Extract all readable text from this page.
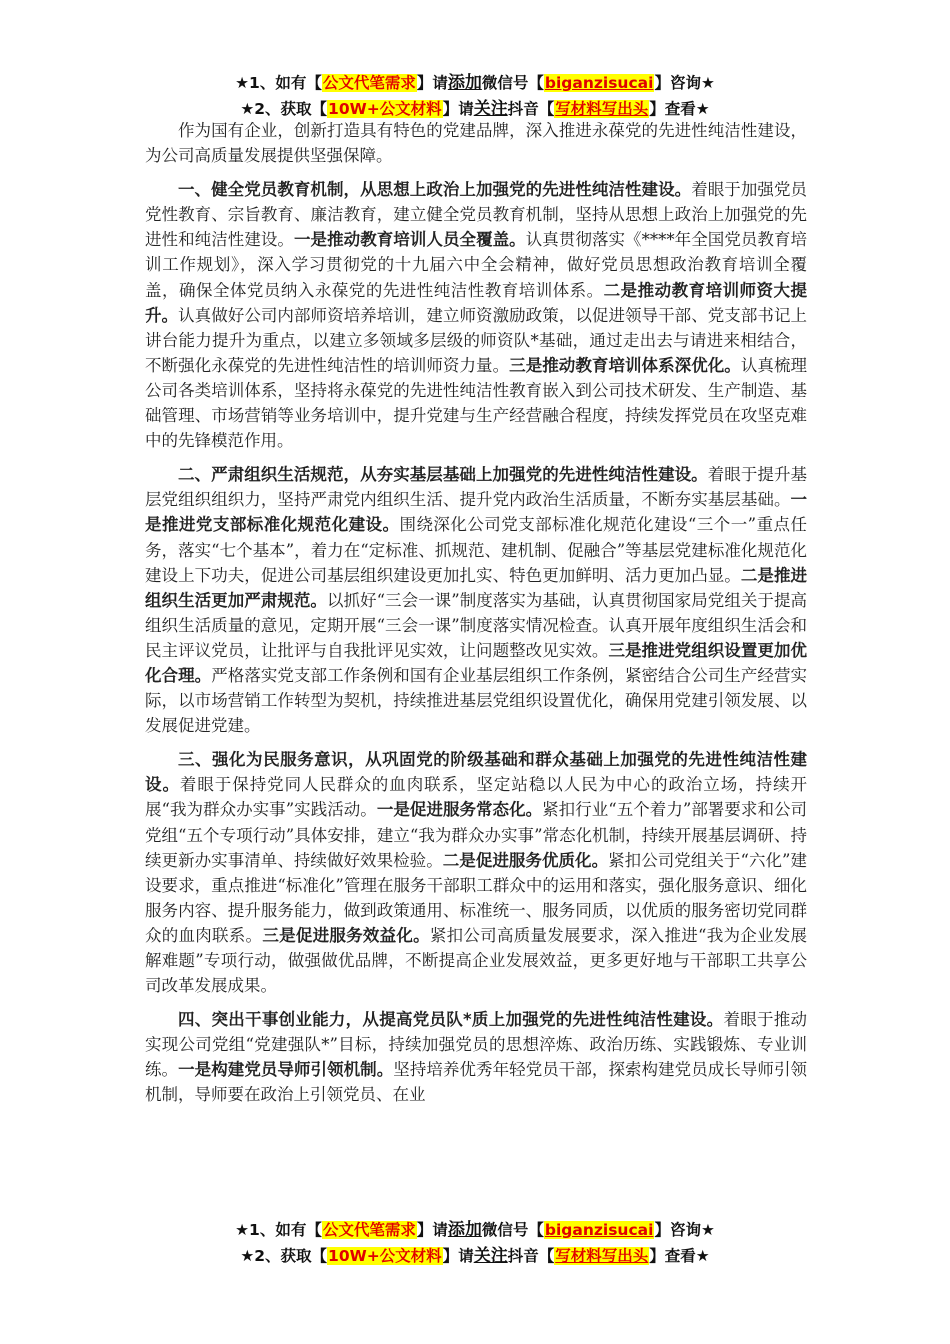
★1、如有【公文代笔需求】请添加微信号【biganzisucai】咨询★
★2、获取【10W+公文材料】请关注抖音【写材料写出头】查看★

作为国有企业，创新打造具有特色的党建品牌，深入推进永葆党的先进性纯洁性建设，为公司高质量发展提供坚强保障。

一、健全党员教育机制，从思想上政治上加强党的先进性纯洁性建设。着眼于加强党员党性教育、宗旨教育、廉洁教育，建立健全党员教育机制，坚持从思想上政治上加强党的先进性和纯洁性建设。一是推动教育培训人员全覆盖。认真贯彻落实《****年全国党员教育培训工作规划》，深入学习贯彻党的十九届六中全会精神，做好党员思想政治教育培训全覆盖，确保全体党员纳入永葆党的先进性纯洁性教育培训体系。二是推动教育培训师资大提升。认真做好公司内部师资培养培训，建立师资激励政策，以促进领导干部、党支部书记上讲台能力提升为重点，以建立多领域多层级的师资队*基础，通过走出去与请进来相结合，不断强化永葆党的先进性纯洁性的培训师资力量。三是推动教育培训体系深优化。认真梳理公司各类培训体系，坚持将永葆党的先进性纯洁性教育嵌入到公司技术研发、生产制造、基础管理、市场营销等业务培训中，提升党建与生产经营融合程度，持续发挥党员在攻坚克难中的先锋模范作用。

二、严肃组织生活规范，从夯实基层基础上加强党的先进性纯洁性建设。着眼于提升基层党组织组织力，坚持严肃党内组织生活、提升党内政治生活质量，不断夯实基层基础。一是推进党支部标准化规范化建设。围绕深化公司党支部标准化规范化建设“三个一”重点任务，落实“七个基本”，着力在“定标准、抓规范、建机制、促融合”等基层党建标准化规范化建设上下功夫，促进公司基层组织建设更加扎实、特色更加鲜明、活力更加凸显。二是推进组织生活更加严肃规范。以抓好“三会一课”制度落实为基础，认真贯彻国家局党组关于提高组织生活质量的意见，定期开展“三会一课”制度落实情况检查。认真开展年度组织生活会和民主评议党员，让批评与自我批评见实效，让问题整改见实效。三是推进党组织设置更加优化合理。严格落实党支部工作条例和国有企业基层组织工作条例，紧密结合公司生产经营实际，以市场营销工作转型为契机，持续推进基层党组织设置优化，确保用党建引领发展、以发展促进党建。

三、强化为民服务意识，从巩固党的阶级基础和群众基础上加强党的先进性纯洁性建设。着眼于保持党同人民群众的血肉联系，坚定站稳以人民为中心的政治立场，持续开展“我为群众办实事”实践活动。一是促进服务常态化。紧扣行业“五个着力”部署要求和公司党组“五个专项行动”具体安排，建立“我为群众办实事”常态化机制，持续开展基层调研、持续更新办实事清单、持续做好效果检验。二是促进服务优质化。紧扣公司党组关于“六化”建设要求，重点推进“标准化”管理在服务干部职工群众中的运用和落实，强化服务意识、细化服务内容、提升服务能力，做到政策通用、标准统一、服务同质，以优质的服务密切党同群众的血肉联系。三是促进服务效益化。紧扣公司高质量发展要求，深入推进“我为企业发展解难题”专项行动，做强做优品牌，不断提高企业发展效益，更多更好地与干部职工共享公司改革发展成果。

四、突出干事创业能力，从提高党员队*质上加强党的先进性纯洁性建设。着眼于推动实现公司党组“党建强队*”目标，持续加强党员的思想淬炼、政治历练、实践锻炼、专业训练。一是构建党员导师引领机制。坚持培养优秀年轻党员干部，探索构建党员成长导师引领机制，导师要在政治上引领党员、在业

★1、如有【公文代笔需求】请添加微信号【biganzisucai】咨询★
★2、获取【10W+公文材料】请关注抖音【写材料写出头】查看★
